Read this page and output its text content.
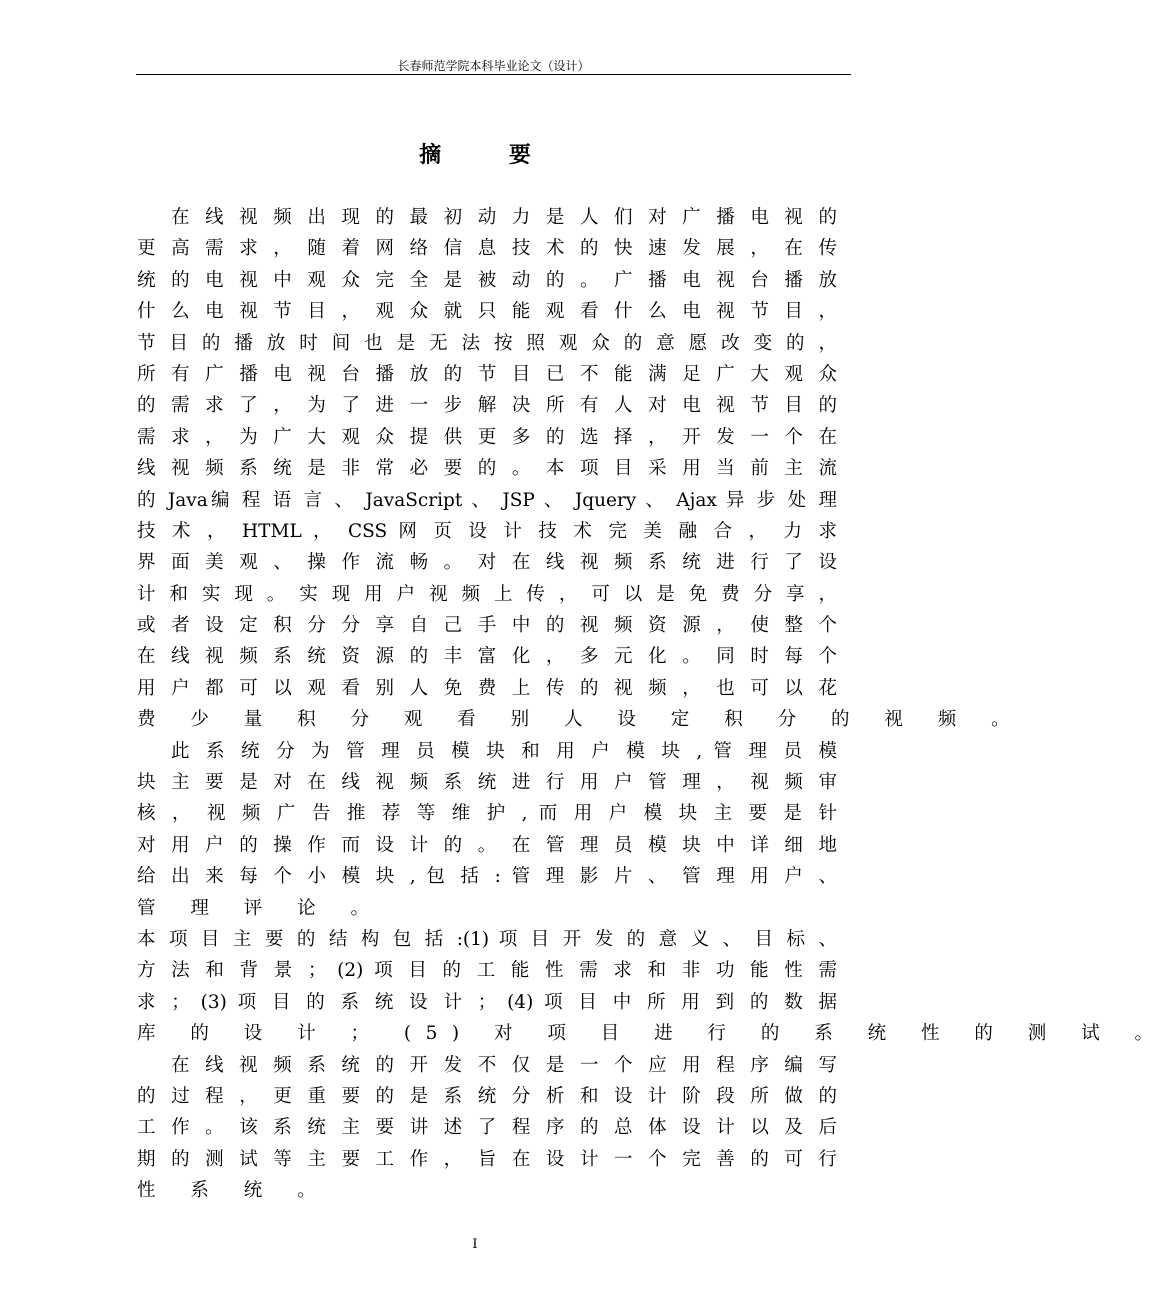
长春师范学院本科毕业论文（设计）
摘 要
在 线 视 频 出 现 的 最 初 动 力 是 人 们 对 广 播 电 视 的
更 高 需 求 ， 随 着 网 络 信 息 技 术 的 快 速 发 展 ， 在 传
统 的 电 视 中 观 众 完 全 是 被 动 的 。 广 播 电 视 台 播 放
什 么 电 视 节 目 ， 观 众 就 只 能 观 看 什 么 电 视 节 目 ，
节 目 的 播 放 时 间 也 是 无 法 按 照 观 众 的 意 愿 改 变 的 ，
所 有 广 播 电 视 台 播 放 的 节 目 已 不 能 满 足 广 大 观 众
的 需 求 了 ， 为 了 进 一 步 解 决 所 有 人 对 电 视 节 目 的
需 求 ， 为 广 大 观 众 提 供 更 多 的 选 择 ， 开 发 一 个 在
线 视 频 系 统 是 非 常 必 要 的 。 本 项 目 采 用 当 前 主 流
的 Java编 程 语 言 、 JavaScript 、 JSP 、 Jquery 、 Ajax 异 步 处 理
技 术 ， HTML ， CSS 网 页 设 计 技 术 完 美 融 合 ， 力 求
界 面 美 观 、 操 作 流 畅 。 对 在 线 视 频 系 统 进 行 了 设
计 和 实 现 。 实 现 用 户 视 频 上 传 ， 可 以 是 免 费 分 享 ，
或 者 设 定 积 分 分 享 自 己 手 中 的 视 频 资 源 ， 使 整 个
在 线 视 频 系 统 资 源 的 丰 富 化 ， 多 元 化 。 同 时 每 个
用 户 都 可 以 观 看 别 人 免 费 上 传 的 视 频 ， 也 可 以 花
费 少 量 积 分 观 看 别 人 设 定 积 分 的 视 频 。
此 系 统 分 为 管 理 员 模 块 和 用 户 模 块 , 管 理 员 模
块 主 要 是 对 在 线 视 频 系 统 进 行 用 户 管 理 ， 视 频 审
核 ， 视 频 广 告 推 荐 等 维 护 , 而 用 户 模 块 主 要 是 针
对 用 户 的 操 作 而 设 计 的 。 在 管 理 员 模 块 中 详 细 地
给 出 来 每 个 小 模 块 , 包 括 : 管 理 影 片 、 管 理 用 户 、
管 理 评 论 。
本 项 目 主 要 的 结 构 包 括 :(1) 项 目 开 发 的 意 义 、 目 标 、
方 法 和 背 景 ； (2) 项 目 的 工 能 性 需 求 和 非 功 能 性 需
求 ； (3) 项 目 的 系 统 设 计 ； (4) 项 目 中 所 用 到 的 数 据
库 的 设 计 ； (5) 对 项 目 进 行 的 系 统 性 的 测 试 。
在 线 视 频 系 统 的 开 发 不 仅 是 一 个 应 用 程 序 编 写
的 过 程 ， 更 重 要 的 是 系 统 分 析 和 设 计 阶 段 所 做 的
工 作 。 该 系 统 主 要 讲 述 了 程 序 的 总 体 设 计 以 及 后
期 的 测 试 等 主 要 工 作 ， 旨 在 设 计 一 个 完 善 的 可 行
性 系 统 。
I
